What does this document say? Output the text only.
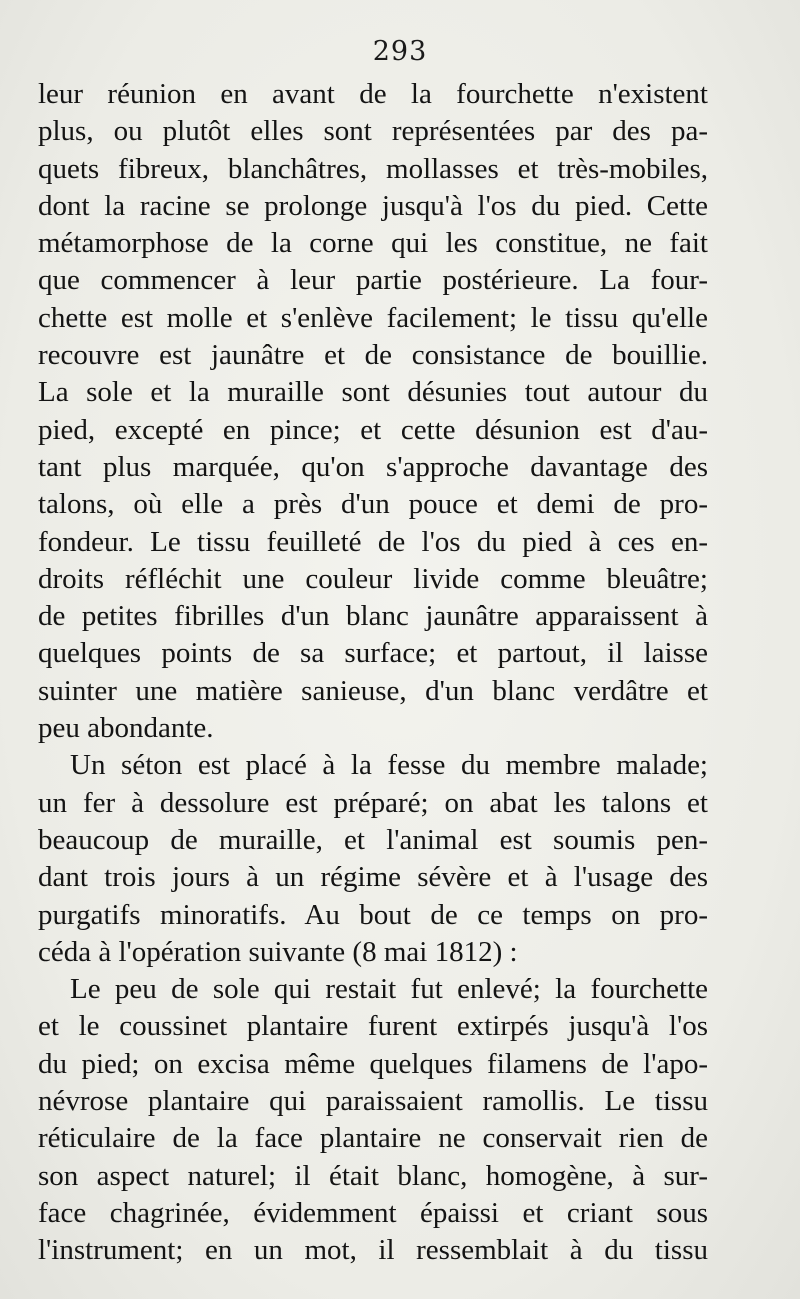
293
leur réunion en avant de la fourchette n'existent
plus, ou plutôt elles sont représentées par des pa-
quets fibreux, blanchâtres, mollasses et très-mobiles,
dont la racine se prolonge jusqu'à l'os du pied. Cette
métamorphose de la corne qui les constitue, ne fait
que commencer à leur partie postérieure. La four-
chette est molle et s'enlève facilement; le tissu qu'elle
recouvre est jaunâtre et de consistance de bouillie.
La sole et la muraille sont désunies tout autour du
pied, excepté en pince; et cette désunion est d'au-
tant plus marquée, qu'on s'approche davantage des
talons, où elle a près d'un pouce et demi de pro-
fondeur. Le tissu feuilleté de l'os du pied à ces en-
droits réfléchit une couleur livide comme bleuâtre;
de petites fibrilles d'un blanc jaunâtre apparaissent à
quelques points de sa surface; et partout, il laisse
suinter une matière sanieuse, d'un blanc verdâtre et
peu abondante.
Un séton est placé à la fesse du membre malade;
un fer à dessolure est préparé; on abat les talons et
beaucoup de muraille, et l'animal est soumis pen-
dant trois jours à un régime sévère et à l'usage des
purgatifs minoratifs. Au bout de ce temps on pro-
céda à l'opération suivante (8 mai 1812) :
Le peu de sole qui restait fut enlevé; la fourchette
et le coussinet plantaire furent extirpés jusqu'à l'os
du pied; on excisa même quelques filamens de l'apo-
névrose plantaire qui paraissaient ramollis. Le tissu
réticulaire de la face plantaire ne conservait rien de
son aspect naturel; il était blanc, homogène, à sur-
face chagrinée, évidemment épaissi et criant sous
l'instrument; en un mot, il ressemblait à du tissu
